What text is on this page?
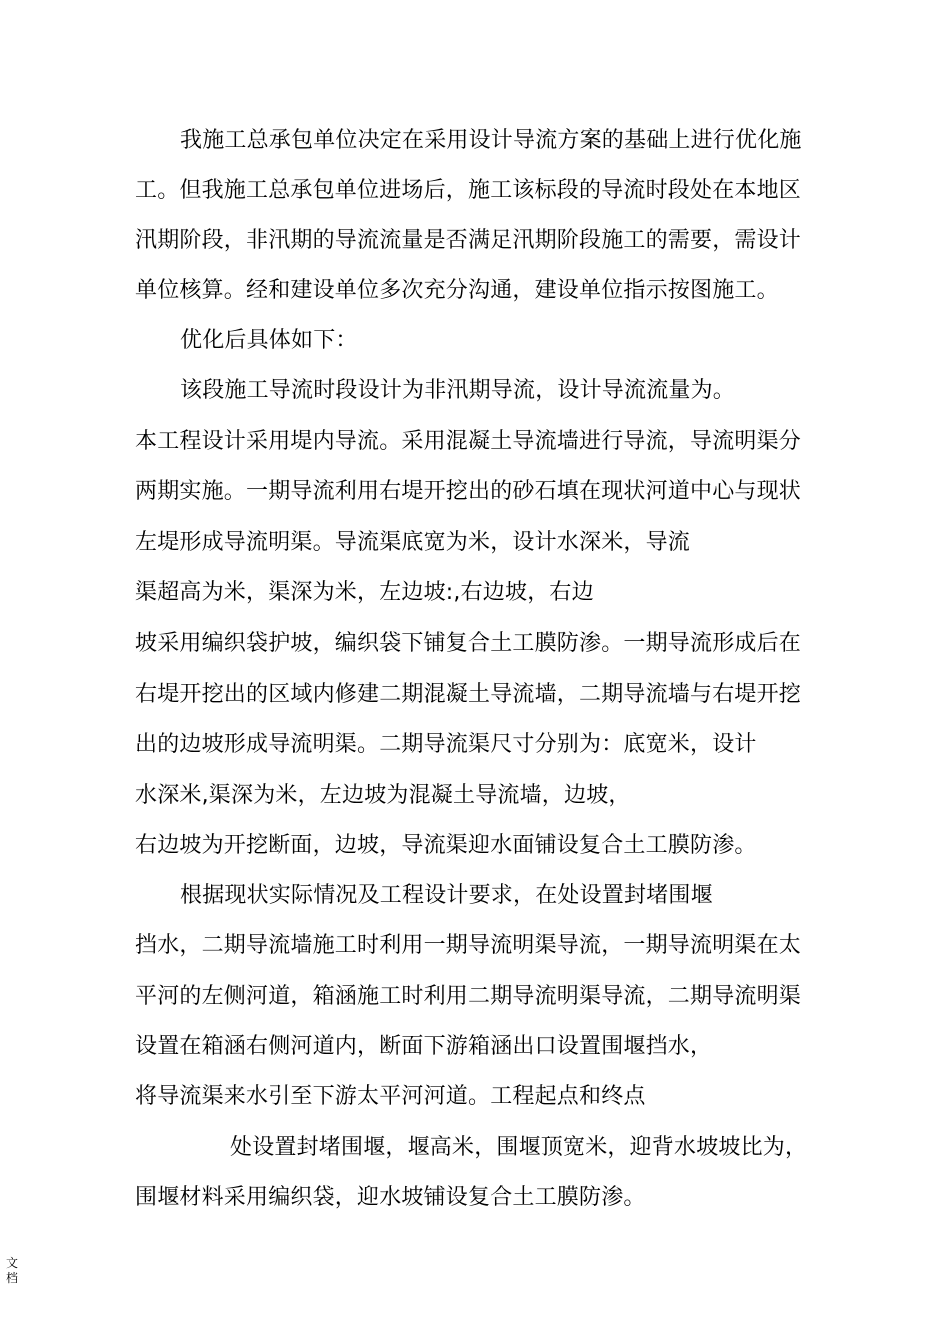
我施工总承包单位决定在采用设计导流方案的基础上进行优化施
工。但我施工总承包单位进场后，施工该标段的导流时段处在本地区
汛期阶段，非汛期的导流流量是否满足汛期阶段施工的需要，需设计
单位核算。经和建设单位多次充分沟通，建设单位指示按图施工。
优化后具体如下：
该段施工导流时段设计为非汛期导流，设计导流流量为。
本工程设计采用堤内导流。采用混凝土导流墙进行导流，导流明渠分
两期实施。一期导流利用右堤开挖出的砂石填在现状河道中心与现状
左堤形成导流明渠。导流渠底宽为米，设计水深米，导流
渠超高为米，渠深为米，左边坡:,右边坡，右边
坡采用编织袋护坡，编织袋下铺复合土工膜防渗。一期导流形成后在
右堤开挖出的区域内修建二期混凝土导流墙，二期导流墙与右堤开挖
出的边坡形成导流明渠。二期导流渠尺寸分别为：底宽米，设计
水深米,渠深为米，左边坡为混凝土导流墙，边坡，
右边坡为开挖断面，边坡，导流渠迎水面铺设复合土工膜防渗。
根据现状实际情况及工程设计要求，在处设置封堵围堰
挡水，二期导流墙施工时利用一期导流明渠导流，一期导流明渠在太
平河的左侧河道，箱涵施工时利用二期导流明渠导流，二期导流明渠
设置在箱涵右侧河道内，断面下游箱涵出口设置围堰挡水，
将导流渠来水引至下游太平河河道。工程起点和终点
处设置封堵围堰，堰高米，围堰顶宽米，迎背水坡坡比为，
围堰材料采用编织袋，迎水坡铺设复合土工膜防渗。
文档
